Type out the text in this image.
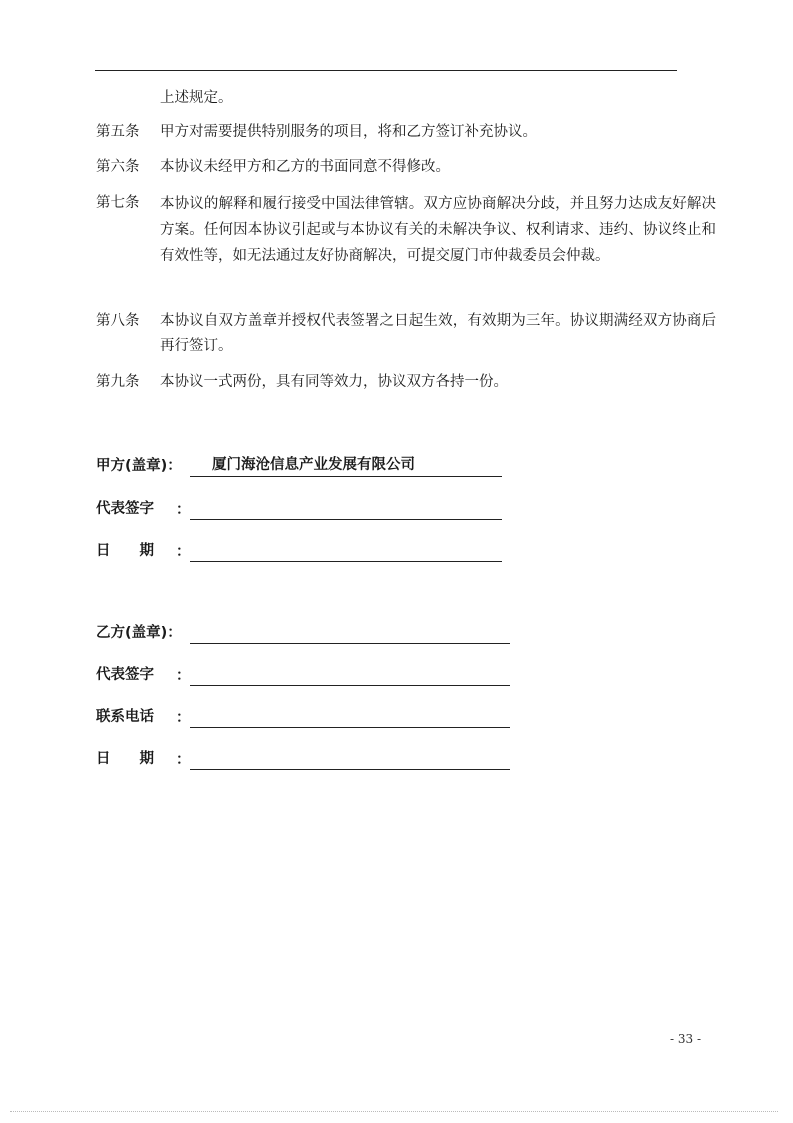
上述规定。
第五条	甲方对需要提供特别服务的项目，将和乙方签订补充协议。
第六条	本协议未经甲方和乙方的书面同意不得修改。
第七条	本协议的解释和履行接受中国法律管辖。双方应协商解决分歧，并且努力达成友好解决方案。任何因本协议引起或与本协议有关的未解决争议、权利请求、违约、协议终止和有效性等，如无法通过友好协商解决，可提交厦门市仲裁委员会仲裁。
第八条	本协议自双方盖章并授权代表签署之日起生效，有效期为三年。协议期满经双方协商后再行签订。
第九条	本协议一式两份，具有同等效力，协议双方各持一份。
甲方(盖章)： 厦门海沧信息产业发展有限公司
代表签字 ：
日　　期 ：
乙方(盖章)：
代表签字 ：
联系电话 ：
日　　期 ：
- 33 -
